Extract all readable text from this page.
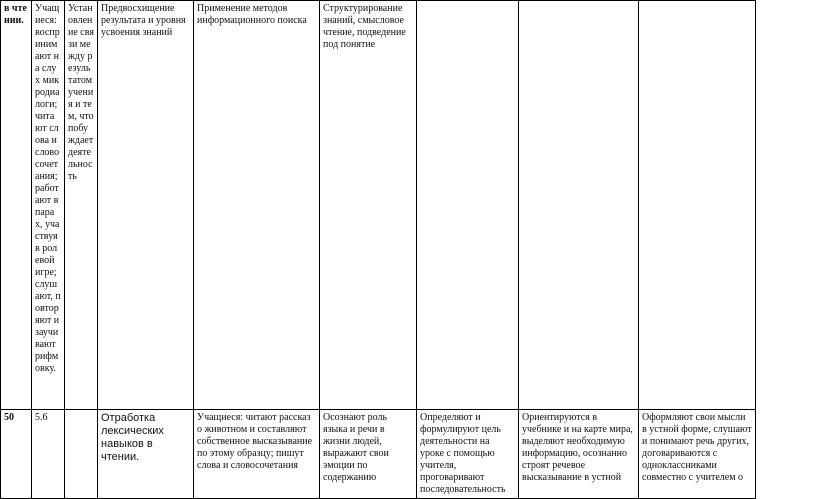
в чтении.	Учащиеся: воспринимают на слух микродиалоги; читают слова и словосочетания; работают в парах, участвуя в ролевой игре; слушают, повторяют и заучивают рифмовку.	Установление связи между результатом учения и тем, что побуждает деятельность	Предвосхищение результата и уровня усвоения знаний	Применение методов информационного поиска	Структурирование знаний, смысловое чтение, подведение под понятие			
50	5.6		Отработка лексических навыков в чтении.	Учащиеся: читают рассказ о животном и составляют собственное высказывание по этому образцу; пишут слова и словосочетания	Осознают роль языка и речи в жизни людей, выражают свои эмоции по содержанию	Определяют и формулируют цель деятельности на уроке с помощью учителя, проговаривают последовательность	Ориентируются в учебнике и на карте мира, выделяют необходимую информацию, осознанно строят речевое высказывание в устной	Оформляют свои мысли в устной форме, слушают и понимают речь других, договариваются с одноклассниками совместно с учителем о
